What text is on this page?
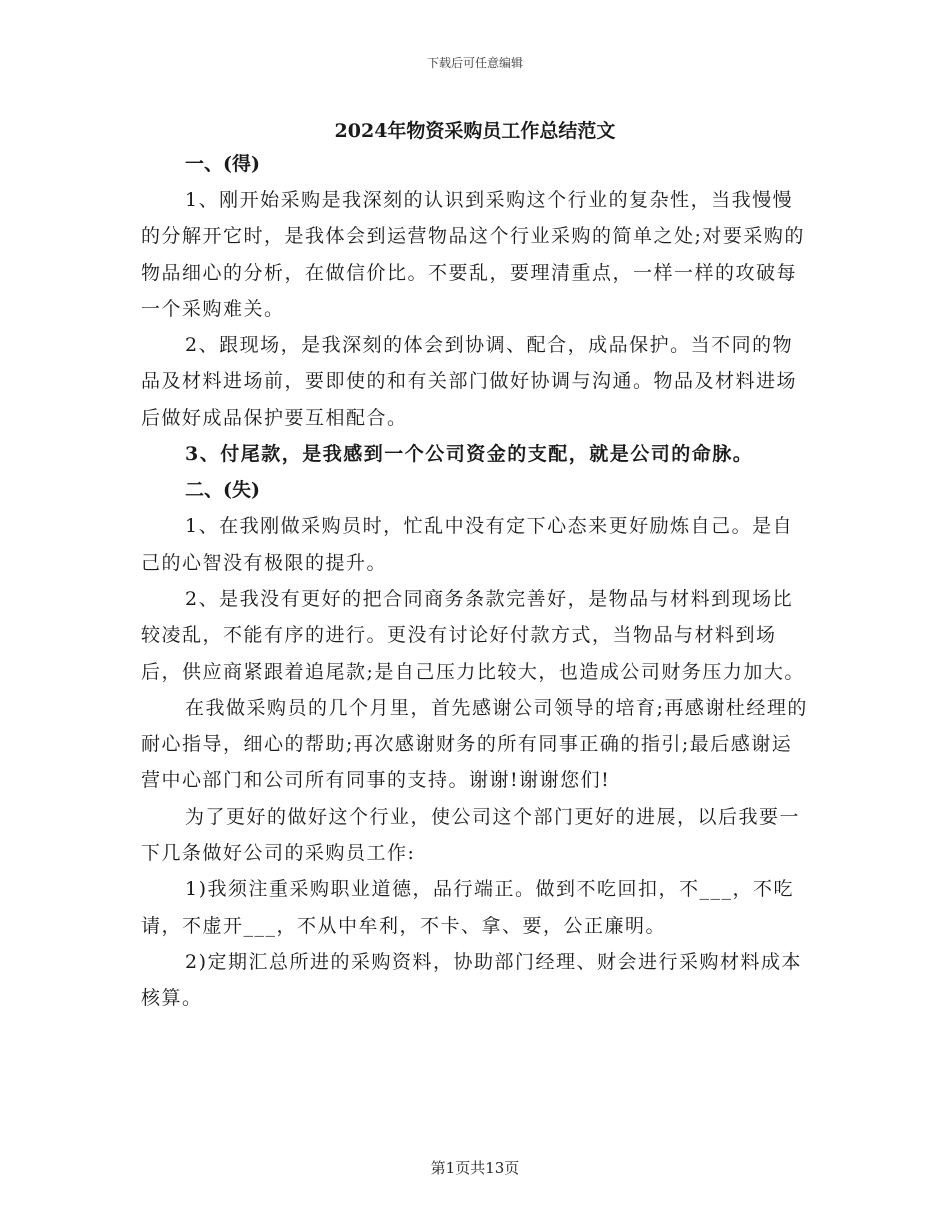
下载后可任意编辑
2024年物资采购员工作总结范文
一、(得)

1、刚开始采购是我深刻的认识到采购这个行业的复杂性，当我慢慢的分解开它时，是我体会到运营物品这个行业采购的简单之处;对要采购的物品细心的分析，在做信价比。不要乱，要理清重点，一样一样的攻破每一个采购难关。

2、跟现场，是我深刻的体会到协调、配合，成品保护。当不同的物品及材料进场前，要即使的和有关部门做好协调与沟通。物品及材料进场后做好成品保护要互相配合。

3、付尾款，是我感到一个公司资金的支配，就是公司的命脉。

二、(失)

1、在我刚做采购员时，忙乱中没有定下心态来更好励炼自己。是自己的心智没有极限的提升。

2、是我没有更好的把合同商务条款完善好，是物品与材料到现场比较凌乱，不能有序的进行。更没有讨论好付款方式，当物品与材料到场后，供应商紧跟着追尾款;是自己压力比较大，也造成公司财务压力加大。

在我做采购员的几个月里，首先感谢公司领导的培育;再感谢杜经理的耐心指导，细心的帮助;再次感谢财务的所有同事正确的指引;最后感谢运营中心部门和公司所有同事的支持。谢谢!谢谢您们!

为了更好的做好这个行业，使公司这个部门更好的进展，以后我要一下几条做好公司的采购员工作:

1)我须注重采购职业道德，品行端正。做到不吃回扣，不___，不吃请，不虚开___，不从中牟利，不卡、拿、要，公正廉明。

2)定期汇总所进的采购资料，协助部门经理、财会进行采购材料成本核算。

第1页共13页
